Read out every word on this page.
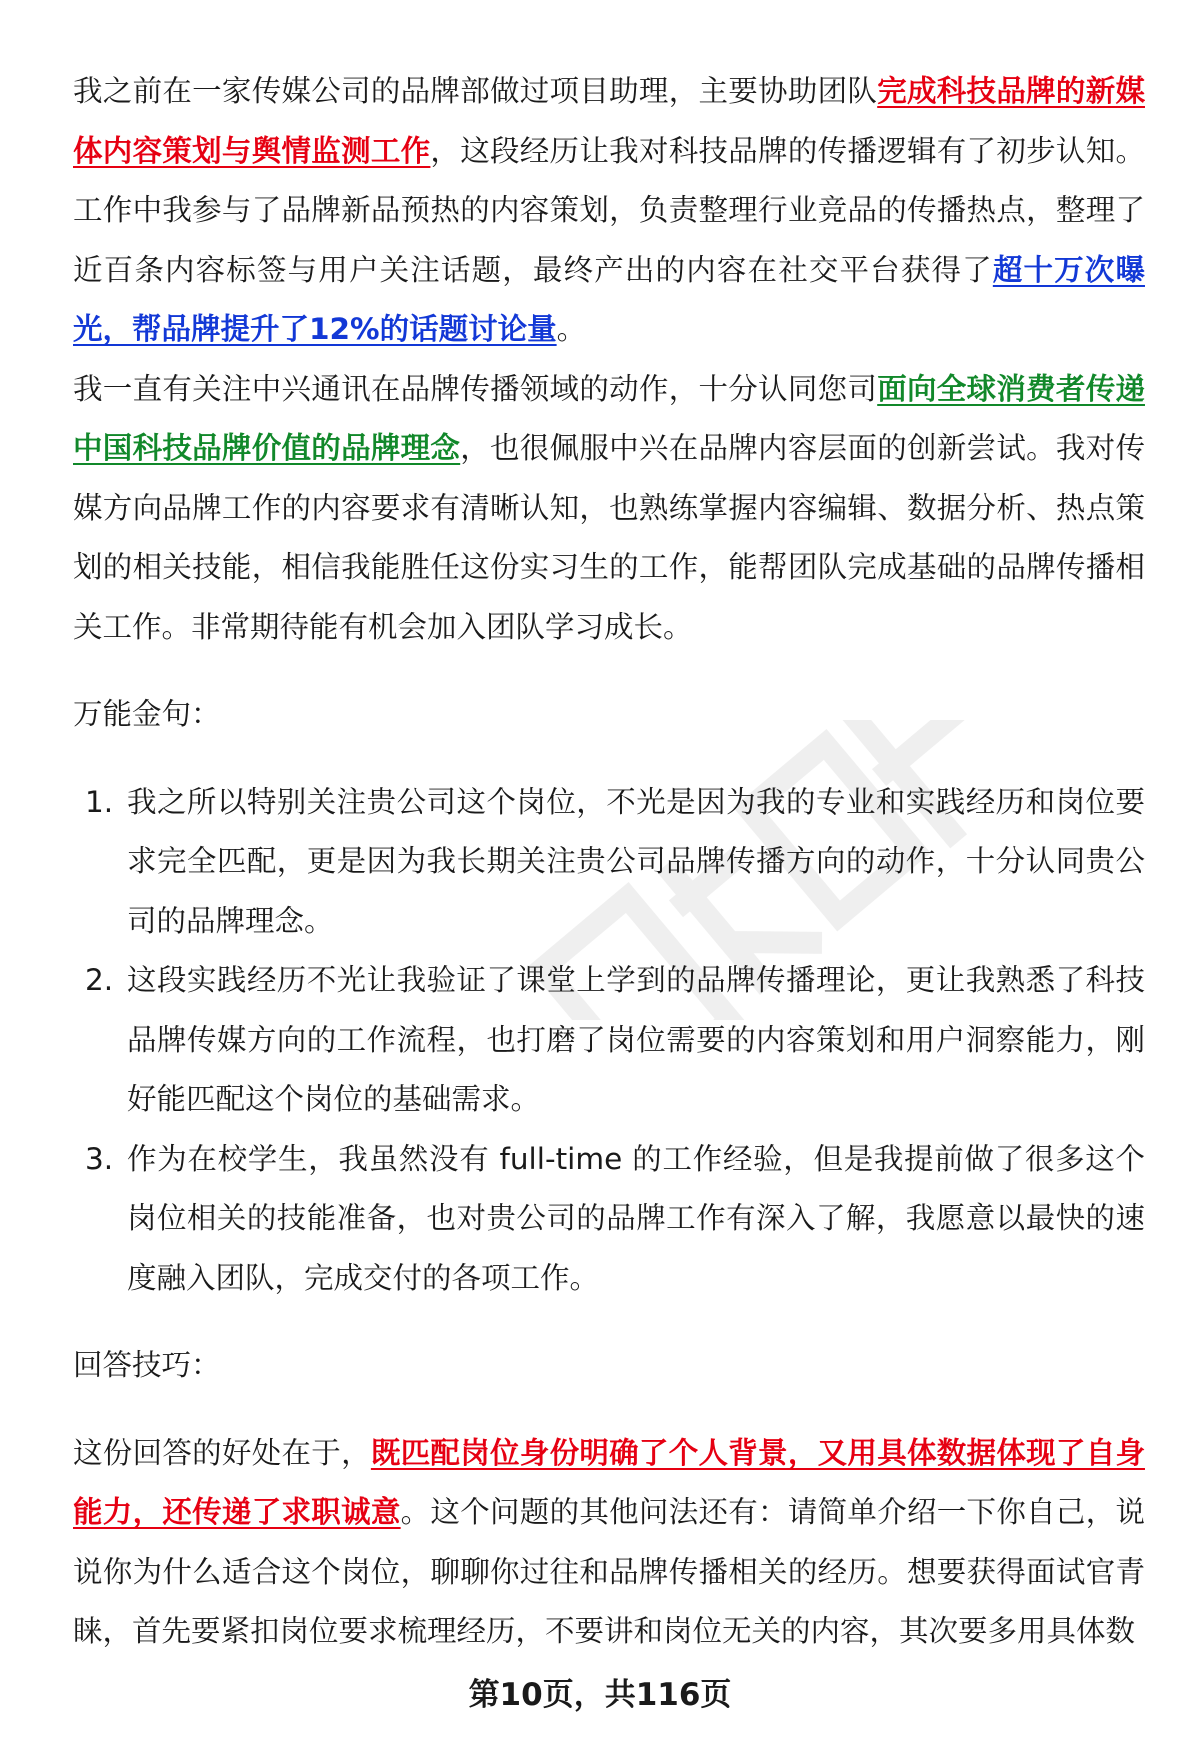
我之前在一家传媒公司的品牌部做过项目助理，主要协助团队完成科技品牌的新媒体内容策划与舆情监测工作，这段经历让我对科技品牌的传播逻辑有了初步认知。工作中我参与了品牌新品预热的内容策划，负责整理行业竞品的传播热点，整理了近百条内容标签与用户关注话题，最终产出的内容在社交平台获得了超十万次曝光，帮品牌提升了12%的话题讨论量。

我一直有关注中兴通讯在品牌传播领域的动作，十分认同您司面向全球消费者传递中国科技品牌价值的品牌理念，也很佩服中兴在品牌内容层面的创新尝试。我对传媒方向品牌工作的内容要求有清晰认知，也熟练掌握内容编辑、数据分析、热点策划的相关技能，相信我能胜任这份实习生的工作，能帮团队完成基础的品牌传播相关工作。非常期待能有机会加入团队学习成长。

万能金句：

1. 我之所以特别关注贵公司这个岗位，不光是因为我的专业和实践经历和岗位要求完全匹配，更是因为我长期关注贵公司品牌传播方向的动作，十分认同贵公司的品牌理念。
2. 这段实践经历不光让我验证了课堂上学到的品牌传播理论，更让我熟悉了科技品牌传媒方向的工作流程，也打磨了岗位需要的内容策划和用户洞察能力，刚好能匹配这个岗位的基础需求。
3. 作为在校学生，我虽然没有 full-time 的工作经验，但是我提前做了很多这个岗位相关的技能准备，也对贵公司的品牌工作有深入了解，我愿意以最快的速度融入团队，完成交付的各项工作。

回答技巧：

这份回答的好处在于，既匹配岗位身份明确了个人背景，又用具体数据体现了自身能力，还传递了求职诚意。这个问题的其他问法还有：请简单介绍一下你自己，说说你为什么适合这个岗位，聊聊你过往和品牌传播相关的经历。想要获得面试官青睐，首先要紧扣岗位要求梳理经历，不要讲和岗位无关的内容，其次要多用具体数

第10页，共116页
